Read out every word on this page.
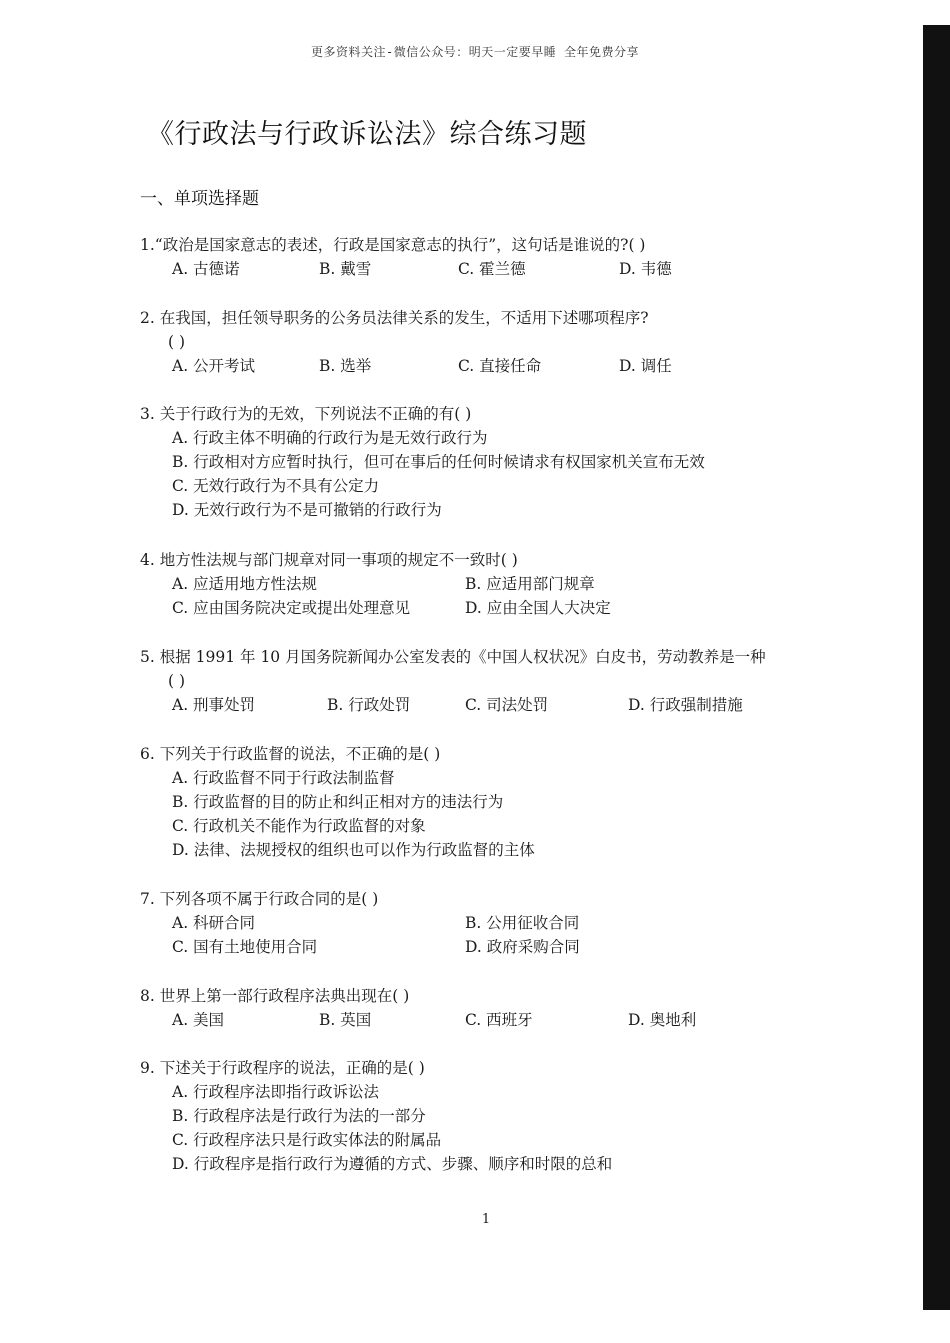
更多资料关注-微信公众号：明天一定要早睡 全年免费分享
《行政法与行政诉讼法》综合练习题
一、单项选择题
1.“政治是国家意志的表述，行政是国家意志的执行”，这句话是谁说的?( )
A. 古德诺	B. 戴雪	C. 霍兰德	D. 韦德
2. 在我国，担任领导职务的公务员法律关系的发生，不适用下述哪项程序?
( )
A. 公开考试	B. 选举	C. 直接任命	D. 调任
3. 关于行政行为的无效，下列说法不正确的有( )
A. 行政主体不明确的行政行为是无效行政行为
B. 行政相对方应暂时执行，但可在事后的任何时候请求有权国家机关宣布无效
C. 无效行政行为不具有公定力
D. 无效行政行为不是可撤销的行政行为
4. 地方性法规与部门规章对同一事项的规定不一致时( )
A. 应适用地方性法规	B. 应适用部门规章
C. 应由国务院决定或提出处理意见	D. 应由全国人大决定
5. 根据 1991 年 10 月国务院新闻办公室发表的《中国人权状况》白皮书，劳动教养是一种
( )
A. 刑事处罚	B. 行政处罚	C. 司法处罚	D. 行政强制措施
6. 下列关于行政监督的说法，不正确的是( )
A. 行政监督不同于行政法制监督
B. 行政监督的目的防止和纠正相对方的违法行为
C. 行政机关不能作为行政监督的对象
D. 法律、法规授权的组织也可以作为行政监督的主体
7. 下列各项不属于行政合同的是( )
A. 科研合同	B. 公用征收合同
C. 国有土地使用合同	D. 政府采购合同
8. 世界上第一部行政程序法典出现在( )
A. 美国	B. 英国	C. 西班牙	D. 奥地利
9. 下述关于行政程序的说法，正确的是( )
A. 行政程序法即指行政诉讼法
B. 行政程序法是行政行为法的一部分
C. 行政程序法只是行政实体法的附属品
D. 行政程序是指行政行为遵循的方式、步骤、顺序和时限的总和
1
